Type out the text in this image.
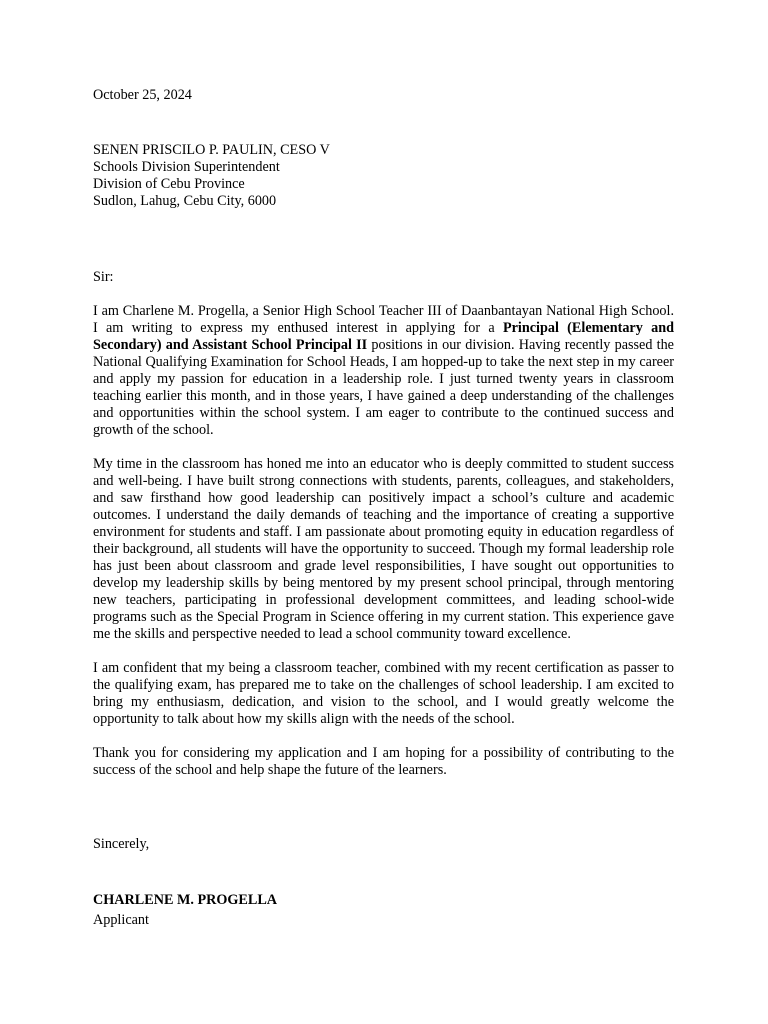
October 25, 2024

SENEN PRISCILO P. PAULIN, CESO V
Schools Division Superintendent
Division of Cebu Province
Sudlon, Lahug, Cebu City, 6000

Sir:

I am Charlene M. Progella, a Senior High School Teacher III of Daanbantayan National High School. I am writing to express my enthused interest in applying for a Principal (Elementary and Secondary) and Assistant School Principal II positions in our division. Having recently passed the National Qualifying Examination for School Heads, I am hopped-up to take the next step in my career and apply my passion for education in a leadership role. I just turned twenty years in classroom teaching earlier this month, and in those years, I have gained a deep understanding of the challenges and opportunities within the school system. I am eager to contribute to the continued success and growth of the school.

My time in the classroom has honed me into an educator who is deeply committed to student success and well-being. I have built strong connections with students, parents, colleagues, and stakeholders, and saw firsthand how good leadership can positively impact a school’s culture and academic outcomes. I understand the daily demands of teaching and the importance of creating a supportive environment for students and staff. I am passionate about promoting equity in education regardless of their background, all students will have the opportunity to succeed. Though my formal leadership role has just been about classroom and grade level responsibilities, I have sought out opportunities to develop my leadership skills by being mentored by my present school principal, through mentoring new teachers, participating in professional development committees, and leading school-wide programs such as the Special Program in Science offering in my current station. This experience gave me the skills and perspective needed to lead a school community toward excellence.

I am confident that my being a classroom teacher, combined with my recent certification as passer to the qualifying exam, has prepared me to take on the challenges of school leadership. I am excited to bring my enthusiasm, dedication, and vision to the school, and I would greatly welcome the opportunity to talk about how my skills align with the needs of the school.

Thank you for considering my application and I am hoping for a possibility of contributing to the success of the school and help shape the future of the learners.

Sincerely,

CHARLENE M. PROGELLA

Applicant
